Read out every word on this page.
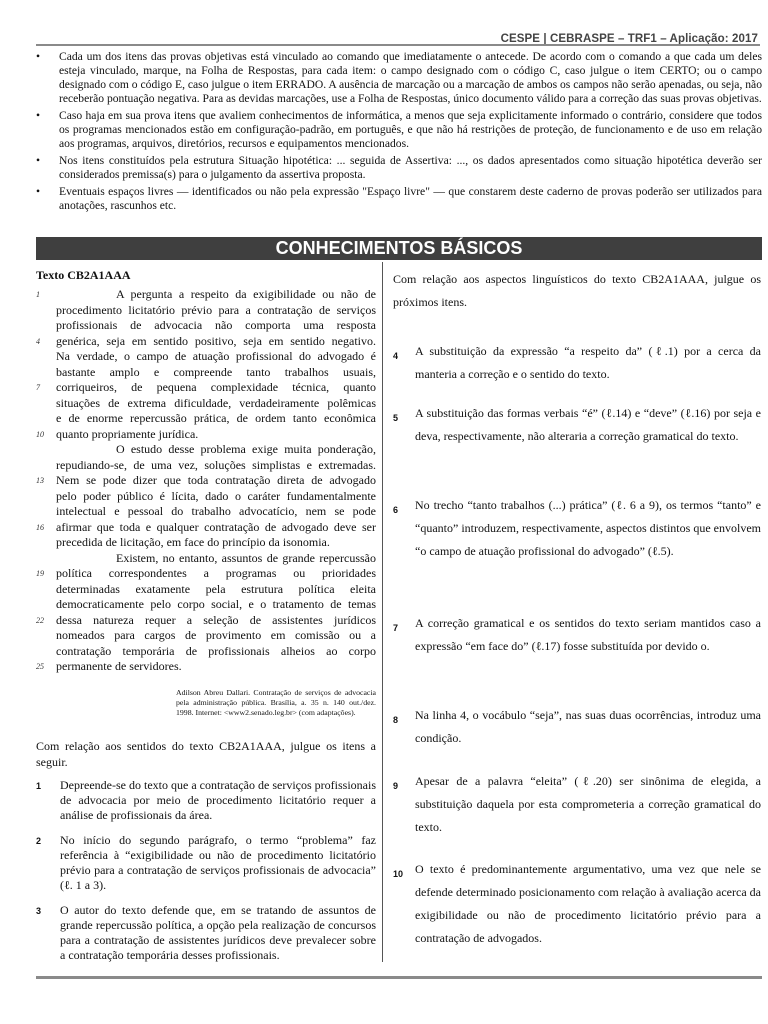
CESPE | CEBRASPE – TRF1 – Aplicação: 2017
• Cada um dos itens das provas objetivas está vinculado ao comando que imediatamente o antecede. De acordo com o comando a que cada um deles esteja vinculado, marque, na Folha de Respostas, para cada item: o campo designado com o código C, caso julgue o item CERTO; ou o campo designado com o código E, caso julgue o item ERRADO. A ausência de marcação ou a marcação de ambos os campos não serão apenadas, ou seja, não receberão pontuação negativa. Para as devidas marcações, use a Folha de Respostas, único documento válido para a correção das suas provas objetivas.
• Caso haja em sua prova itens que avaliem conhecimentos de informática, a menos que seja explicitamente informado o contrário, considere que todos os programas mencionados estão em configuração-padrão, em português, e que não há restrições de proteção, de funcionamento e de uso em relação aos programas, arquivos, diretórios, recursos e equipamentos mencionados.
• Nos itens constituídos pela estrutura Situação hipotética: ... seguida de Assertiva: ..., os dados apresentados como situação hipotética deverão ser considerados premissa(s) para o julgamento da assertiva proposta.
• Eventuais espaços livres — identificados ou não pela expressão "Espaço livre" — que constarem deste caderno de provas poderão ser utilizados para anotações, rascunhos etc.
CONHECIMENTOS BÁSICOS
Texto CB2A1AAA
1	A pergunta a respeito da exigibilidade ou não de
procedimento licitatório prévio para a contratação de serviços
profissionais de advocacia não comporta uma resposta
4 genérica, seja em sentido positivo, seja em sentido negativo.
Na verdade, o campo de atuação profissional do advogado é
bastante amplo e compreende tanto trabalhos usuais,
7 corriqueiros, de pequena complexidade técnica, quanto
situações de extrema dificuldade, verdadeiramente polêmicas
e de enorme repercussão prática, de ordem tanto econômica
10 quanto propriamente jurídica.
O estudo desse problema exige muita ponderação,
repudiando-se, de uma vez, soluções simplistas e extremadas.
13 Nem se pode dizer que toda contratação direta de advogado
pelo poder público é lícita, dado o caráter fundamentalmente
intelectual e pessoal do trabalho advocatício, nem se pode
16 afirmar que toda e qualquer contratação de advogado deve ser
precedida de licitação, em face do princípio da isonomia.
Existem, no entanto, assuntos de grande repercussão
19 política correspondentes a programas ou prioridades
determinadas exatamente pela estrutura política eleita
democraticamente pelo corpo social, e o tratamento de temas
22 dessa natureza requer a seleção de assistentes jurídicos
nomeados para cargos de provimento em comissão ou a
contratação temporária de profissionais alheios ao corpo
25 permanente de servidores.
Adilson Abreu Dallari. Contratação de serviços de advocacia pela administração pública. Brasília, a. 35 n. 140 out./dez. 1998. Internet: <www2.senado.leg.br> (com adaptações).

Com relação aos sentidos do texto CB2A1AAA, julgue os itens a seguir.

1 Depreende-se do texto que a contratação de serviços profissionais de advocacia por meio de procedimento licitatório requer a análise de profissionais da área.
2 No início do segundo parágrafo, o termo “problema” faz referência à “exigibilidade ou não de procedimento licitatório prévio para a contratação de serviços profissionais de advocacia” (ℓ. 1 a 3).
3 O autor do texto defende que, em se tratando de assuntos de grande repercussão política, a opção pela realização de concursos para a contratação de assistentes jurídicos deve prevalecer sobre a contratação temporária desses profissionais.

Com relação aos aspectos linguísticos do texto CB2A1AAA, julgue os próximos itens.

4 A substituição da expressão “a respeito da” (ℓ.1) por a cerca da manteria a correção e o sentido do texto.

5 A substituição das formas verbais “é” (ℓ.14) e “deve” (ℓ.16) por seja e deva, respectivamente, não alteraria a correção gramatical do texto.

6 No trecho “tanto trabalhos (...) prática” (ℓ. 6 a 9), os termos “tanto” e “quanto” introduzem, respectivamente, aspectos distintos que envolvem “o campo de atuação profissional do advogado” (ℓ.5).

7 A correção gramatical e os sentidos do texto seriam mantidos caso a expressão “em face do” (ℓ.17) fosse substituída por devido o.

8 Na linha 4, o vocábulo “seja”, nas suas duas ocorrências, introduz uma condição.

9 Apesar de a palavra “eleita” (ℓ.20) ser sinônima de elegida, a substituição daquela por esta comprometeria a correção gramatical do texto.

10 O texto é predominantemente argumentativo, uma vez que nele se defende determinado posicionamento com relação à avaliação acerca da exigibilidade ou não de procedimento licitatório prévio para a contratação de advogados.
